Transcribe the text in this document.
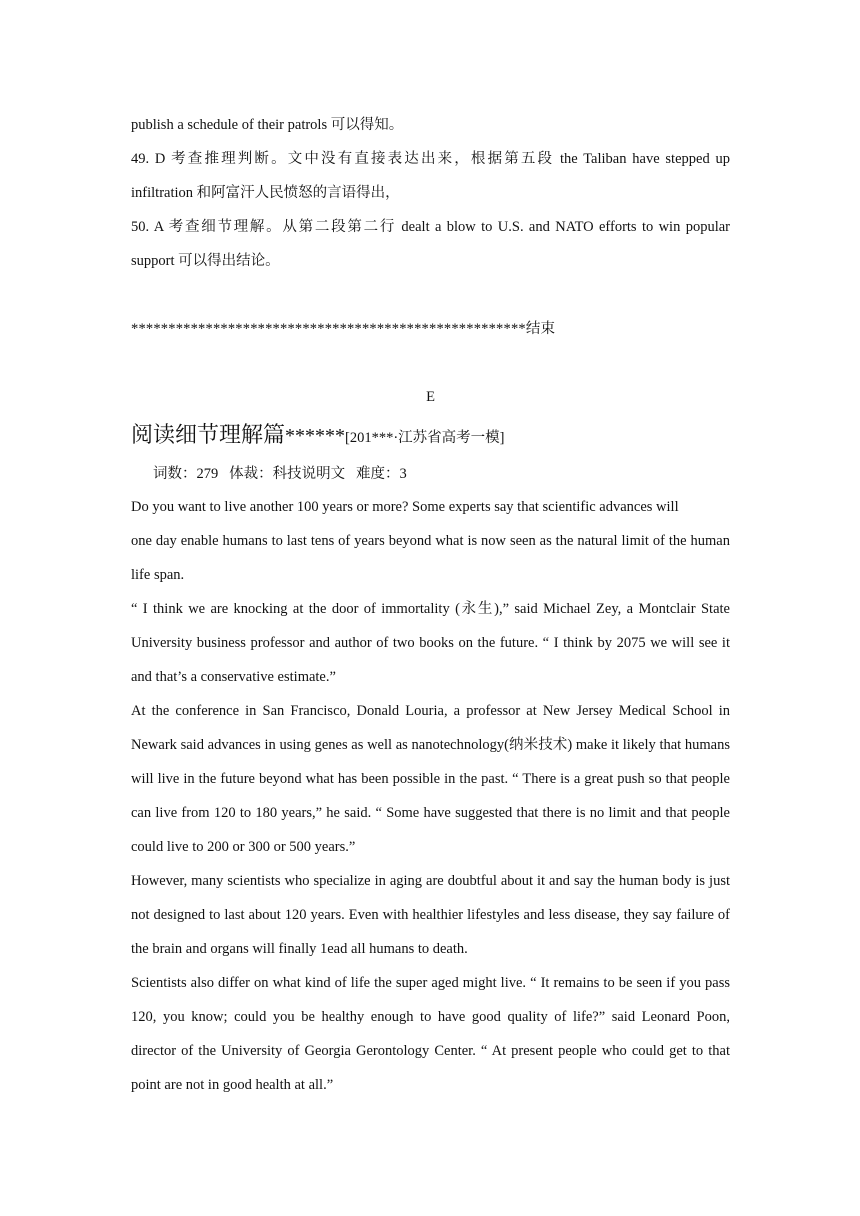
publish a schedule of their patrols 可以得知。

49. D 考查推理判断。文中没有直接表达出来，根据第五段 the Taliban have stepped up
infiltration 和阿富汗人民愤怒的言语得出，

50. A 考查细节理解。从第二段第二行 dealt a blow to U.S. and NATO efforts to win popular
support 可以得出结论。

*****************************************************结束

E

阅读细节理解篇******[201***·江苏省高考一模]

词数：279   体裁：科技说明文   难度：3

Do you want to live another 100 years or more? Some experts say that scientific advances will
one day enable humans to last tens of years beyond what is now seen as the natural limit of the human life span.

“ I think we are knocking at the door of immortality (永生),” said Michael Zey, a Montclair State University business professor and author of two books on the future. “ I think by 2075 we will see it and that’s a conservative estimate.”

At the conference in San Francisco, Donald Louria, a professor at New Jersey Medical School in Newark said advances in using genes as well as nanotechnology(纳米技术) make it likely that humans will live in the future beyond what has been possible in the past. “ There is a great push so that people can live from 120 to 180 years,” he said. “ Some have suggested that there is no limit and that people could live to 200 or 300 or 500 years.”

However, many scientists who specialize in aging are doubtful about it and say the human body is just not designed to last about 120 years. Even with healthier lifestyles and less disease, they say failure of the brain and organs will finally 1ead all humans to death.

Scientists also differ on what kind of life the super aged might live. “ It remains to be seen if you pass 120, you know; could you be healthy enough to have good quality of life?” said Leonard Poon, director of the University of Georgia Gerontology Center. “ At present people who could get to that point are not in good health at all.”
